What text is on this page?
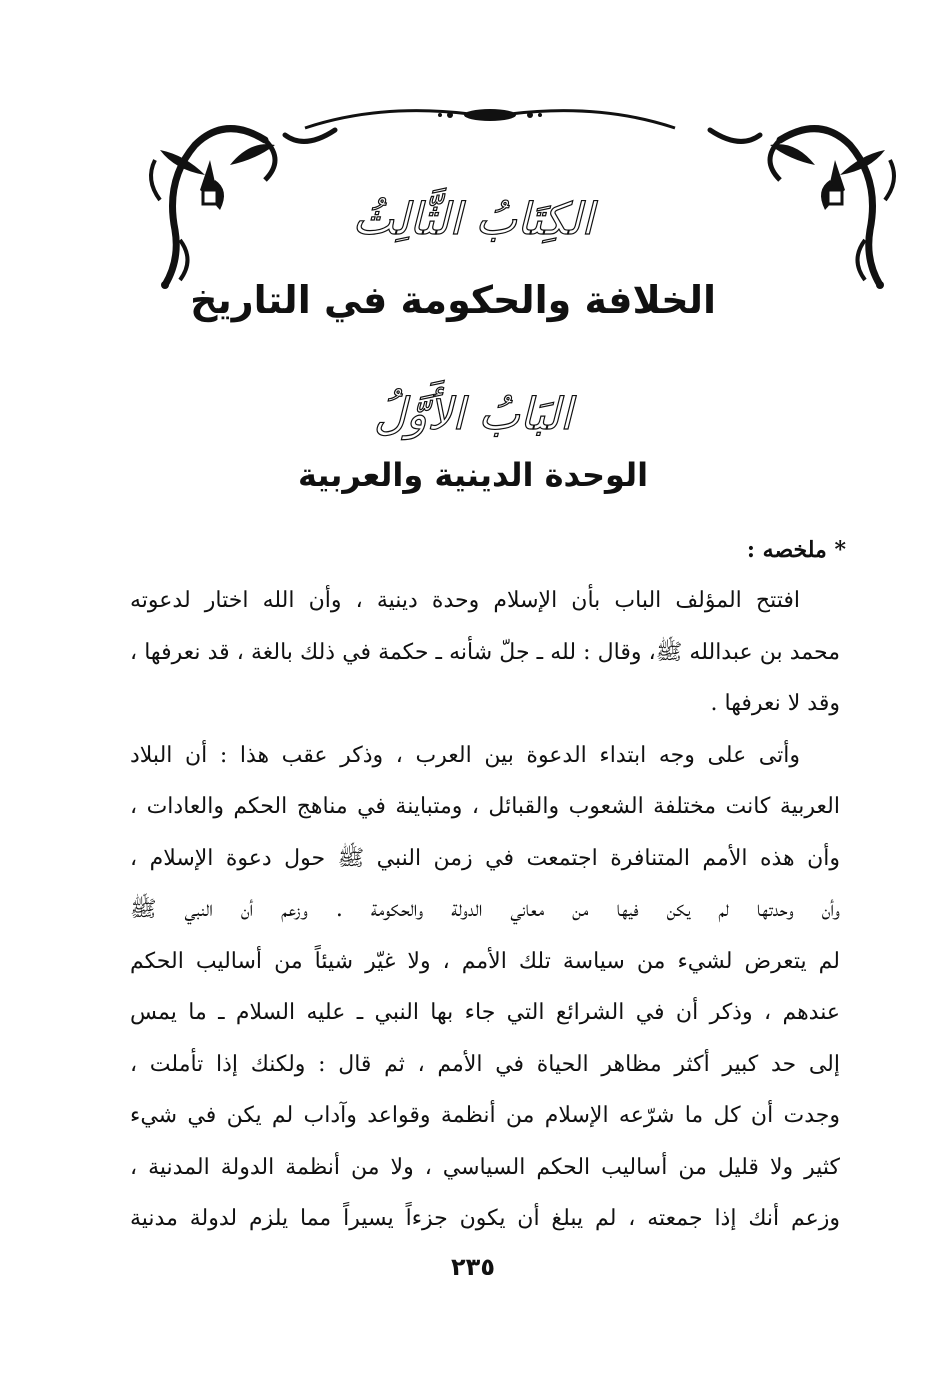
الكِتَابُ الثَّالِثُ
الخلافة والحكومة في التاريخ
البَابُ الأَوَّلُ
الوحدة الدينية والعربية
* ملخصه :
افتتح المؤلف الباب بأن الإسلام وحدة دينية ، وأن الله اختار لدعوته
محمد بن عبدالله ﷺ، وقال : لله ـ جلّ شأنه ـ حكمة في ذلك بالغة ، قد نعرفها ،
وقد لا نعرفها .
وأتى على وجه ابتداء الدعوة بين العرب ، وذكر عقب هذا : أن البلاد
العربية كانت مختلفة الشعوب والقبائل ، ومتباينة في مناهج الحكم والعادات ،
وأن هذه الأمم المتنافرة اجتمعت في زمن النبي ﷺ حول دعوة الإسلام ،
وأن وحدتها لم يكن فيها من معاني الدولة والحكومة . وزعم أن النبي ﷺ
لم يتعرض لشيء من سياسة تلك الأمم ، ولا غيّر شيئاً من أساليب الحكم
عندهم ، وذكر أن في الشرائع التي جاء بها النبي ـ عليه السلام ـ ما يمس
إلى حد كبير أكثر مظاهر الحياة في الأمم ، ثم قال : ولكنك إذا تأملت ،
وجدت أن كل ما شرّعه الإسلام من أنظمة وقواعد وآداب لم يكن في شيء
كثير ولا قليل من أساليب الحكم السياسي ، ولا من أنظمة الدولة المدنية ،
وزعم أنك إذا جمعته ، لم يبلغ أن يكون جزءاً يسيراً مما يلزم لدولة مدنية
٢٣٥
